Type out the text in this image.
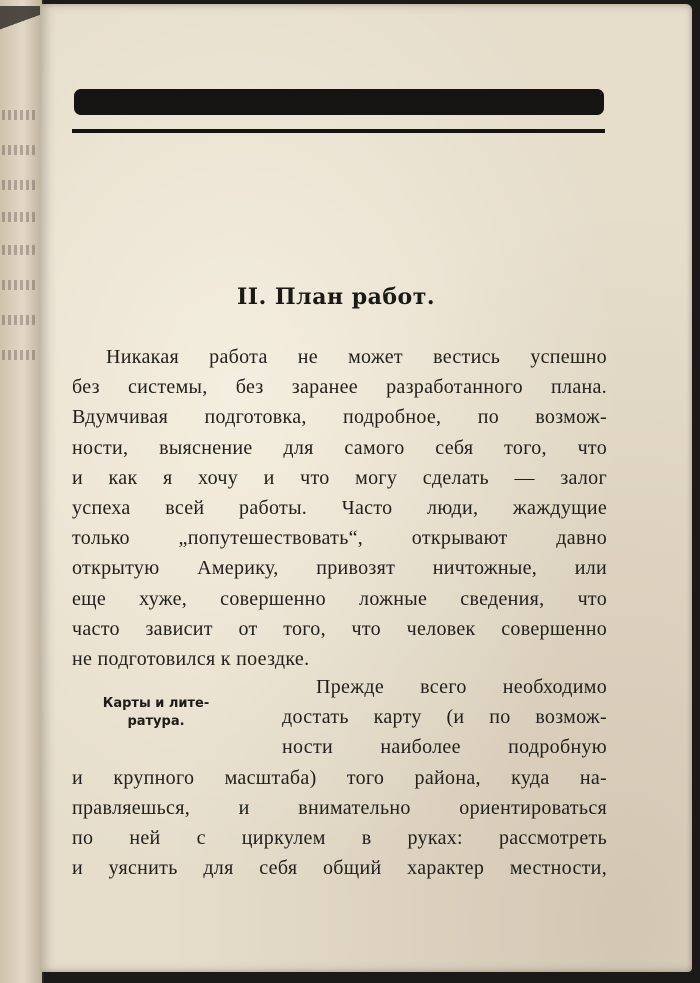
II. План работ.
Никакая работа не может вестись успешно
без системы, без заранее разработанного плана.
Вдумчивая подготовка, подробное, по возмож-
ности, выяснение для самого себя того, что
и как я хочу и что могу сделать — залог
успеха всей работы. Часто люди, жаждущие
только „попутешествовать“, открывают давно
открытую Америку, привозят ничтожные, или
еще хуже, совершенно ложные сведения, что
часто зависит от того, что человек совершенно
не подготовился к поездке.
Карты и лите-
ратура.
Прежде всего необходимо
достать карту (и по возмож-
ности наиболее подробную
и крупного масштаба) того района, куда на-
правляешься, и внимательно ориентироваться
по ней с циркулем в руках: рассмотреть
и уяснить для себя общий характер местности,
